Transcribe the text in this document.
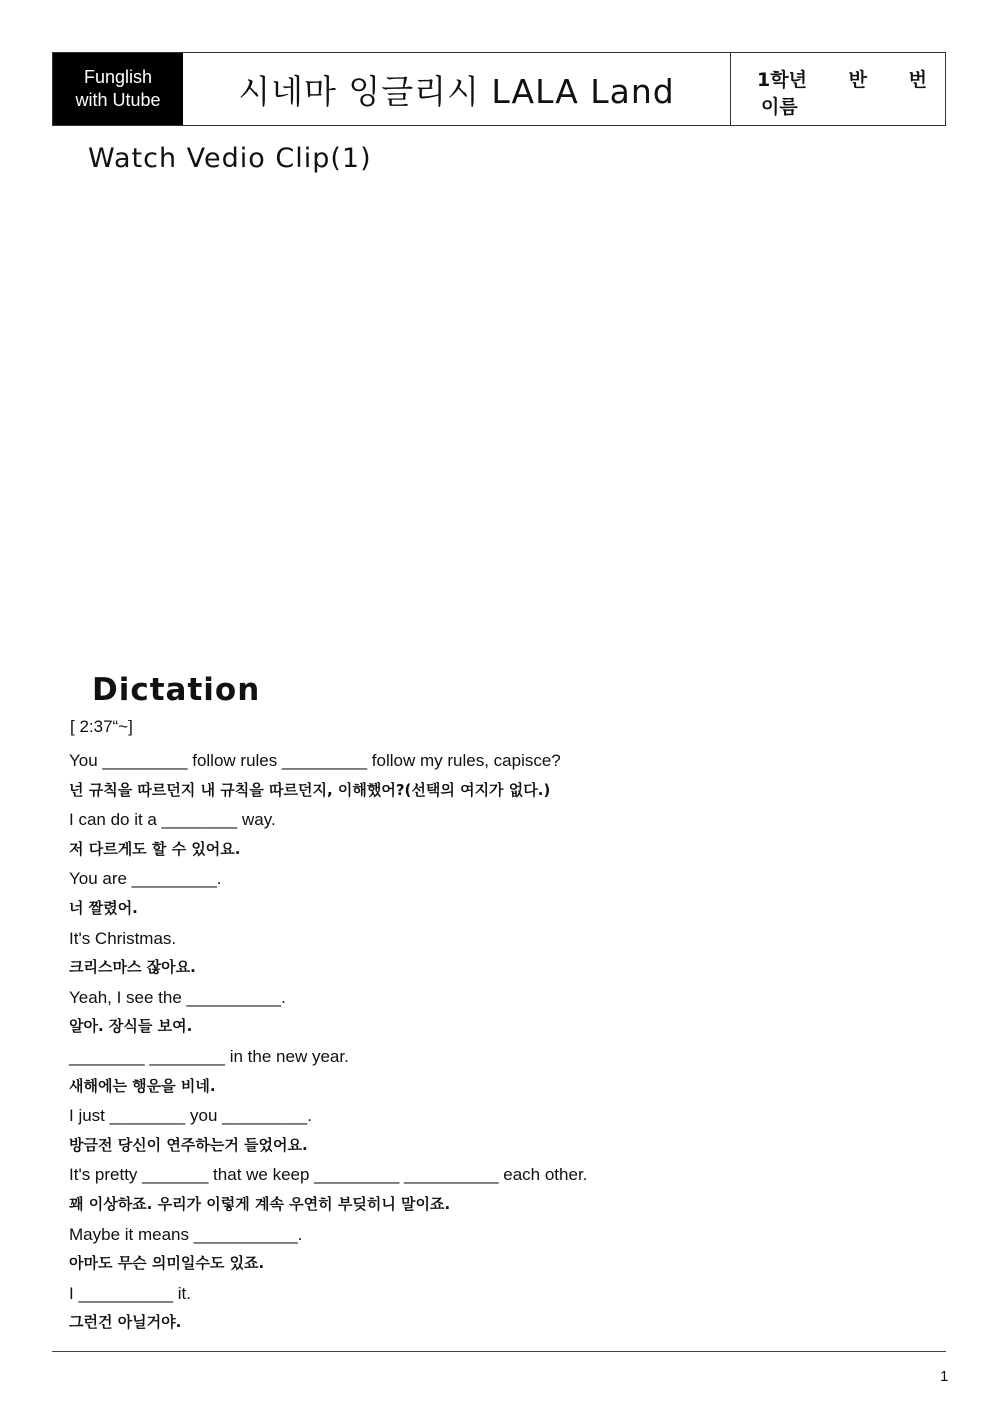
Funglish
with Utube	시네마 잉글리시 LALA Land	1학년 반 번
이름
Watch Vedio Clip(1)
Dictation
[ 2:37“~]
You _________ follow rules _________ follow my rules, capisce?
넌 규칙을 따르던지 내 규칙을 따르던지, 이해했어?(선택의 여지가 없다.)
I can do it a ________ way.
저 다르게도 할 수 있어요.
You are _________.
너 짤렸어.
It's Christmas.
크리스마스 잖아요.
Yeah, I see the __________.
알아. 장식들 보여.
________ ________ in the new year.
새해에는 행운을 비네.
I just ________ you _________.
방금전 당신이 연주하는거 들었어요.
It's pretty _______ that we keep _________ __________ each other.
꽤 이상하죠. 우리가 이렇게 계속 우연히 부딪히니 말이죠.
Maybe it means ___________.
아마도 무슨 의미일수도 있죠.
I __________ it.
그런건 아닐거야.
1
